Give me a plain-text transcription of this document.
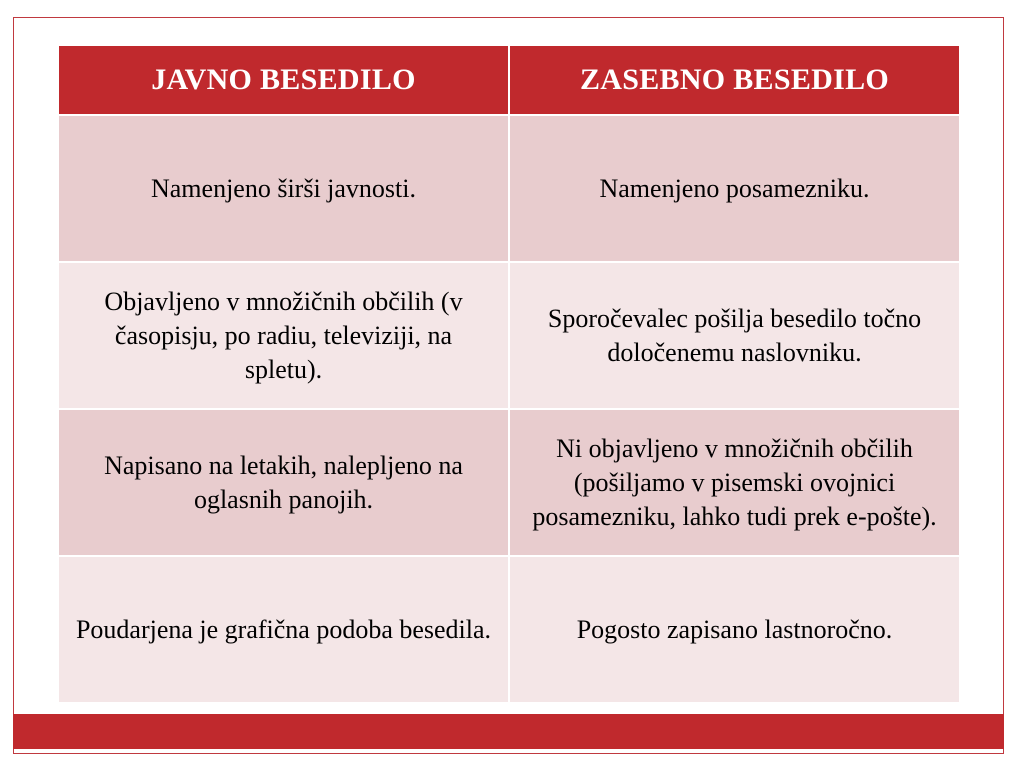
JAVNO BESEDILO	ZASEBNO BESEDILO
Namenjeno širši javnosti.	Namenjeno posamezniku.
Objavljeno v množičnih občilih (v časopisju, po radiu, televiziji, na spletu).	Sporočevalec pošilja besedilo točno določenemu naslovniku.
Napisano na letakih, nalepljeno na oglasnih panojih.	Ni objavljeno v množičnih občilih (pošiljamo v pisemski ovojnici posamezniku, lahko tudi prek e-pošte).
Poudarjena je grafična podoba besedila.	Pogosto zapisano lastnoročno.
